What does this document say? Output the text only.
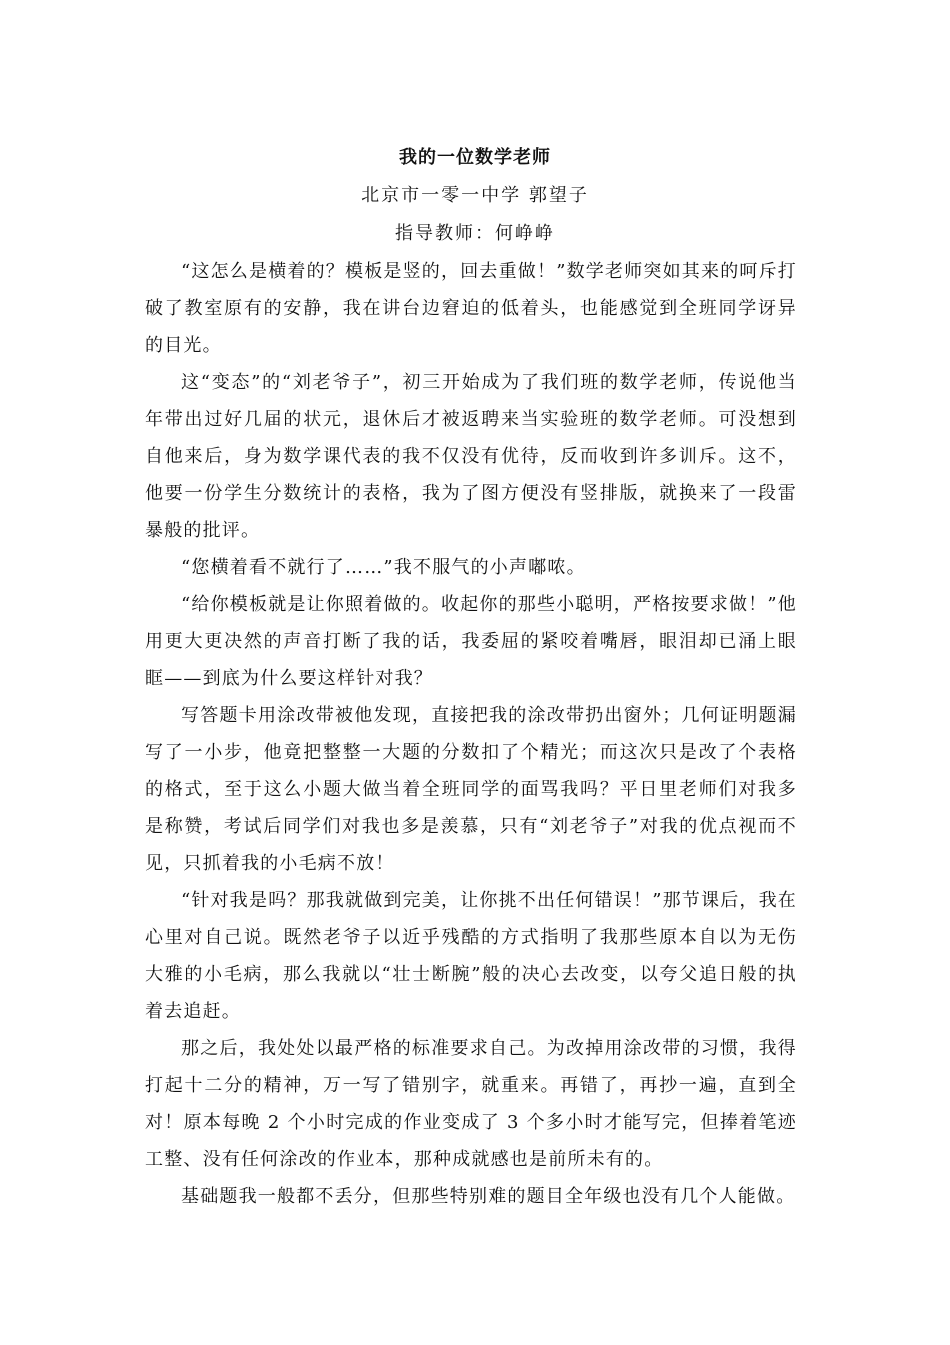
我的一位数学老师
北京市一零一中学 郭望子
指导教师：何峥峥

“这怎么是横着的？模板是竖的，回去重做！”数学老师突如其来的呵斥打破了教室原有的安静，我在讲台边窘迫的低着头，也能感觉到全班同学讶异的目光。

这“变态”的“刘老爷子”，初三开始成为了我们班的数学老师，传说他当年带出过好几届的状元，退休后才被返聘来当实验班的数学老师。可没想到自他来后，身为数学课代表的我不仅没有优待，反而收到许多训斥。这不，他要一份学生分数统计的表格，我为了图方便没有竖排版，就换来了一段雷暴般的批评。

“您横着看不就行了……”我不服气的小声嘟哝。

“给你模板就是让你照着做的。收起你的那些小聪明，严格按要求做！”他用更大更决然的声音打断了我的话，我委屈的紧咬着嘴唇，眼泪却已涌上眼眶——到底为什么要这样针对我？

写答题卡用涂改带被他发现，直接把我的涂改带扔出窗外；几何证明题漏写了一小步，他竟把整整一大题的分数扣了个精光；而这次只是改了个表格的格式，至于这么小题大做当着全班同学的面骂我吗？平日里老师们对我多是称赞，考试后同学们对我也多是羡慕，只有“刘老爷子”对我的优点视而不见，只抓着我的小毛病不放！

“针对我是吗？那我就做到完美，让你挑不出任何错误！”那节课后，我在心里对自己说。既然老爷子以近乎残酷的方式指明了我那些原本自以为无伤大雅的小毛病，那么我就以“壮士断腕”般的决心去改变，以夸父追日般的执着去追赶。

那之后，我处处以最严格的标准要求自己。为改掉用涂改带的习惯，我得打起十二分的精神，万一写了错别字，就重来。再错了，再抄一遍，直到全对！原本每晚 2 个小时完成的作业变成了 3 个多小时才能写完，但捧着笔迹工整、没有任何涂改的作业本，那种成就感也是前所未有的。

基础题我一般都不丢分，但那些特别难的题目全年级也没有几个人能做。
